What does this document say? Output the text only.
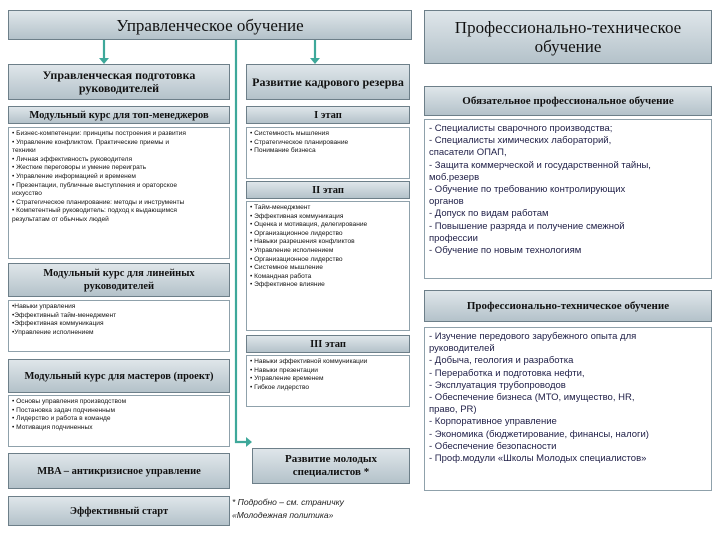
Управленческое обучение
Управленческая подготовка руководителей
Модульный курс для топ-менеджеров
• Бизнес-компетенции: принципы построения и развития
• Управление конфликтом. Практические приемы и
техники
• Личная эффективность руководителя
• Жесткие переговоры и умение переиграть
• Управление информацией и временем
• Презентации, публичные выступления и ораторское
искусство
• Стратегическое планирование: методы и инструменты
• Компетентный руководитель: подход к выдающимся
результатам от обычных людей
Модульный курс для линейных руководителей
•Навыки управления
•Эффективный тайм-менеджмент
•Эффективная коммуникация
•Управление исполнением
Модульный курс для мастеров (проект)
• Основы управления производством
• Постановка задач подчиненным
• Лидерство и работа в команде
• Мотивация подчиненных
MBA – антикризисное управление
Эффективный старт
Развитие кадрового резерва
I этап
• Системность мышления
• Стратегическое планирование
• Понимание бизнеса
II этап
• Тайм-менеджмент
• Эффективная коммуникация
• Оценка и мотивация, делегирование
• Организационное лидерство
• Навыки разрешения конфликтов
• Управление исполнением
• Организационное лидерство
• Системное мышление
• Командная работа
• Эффективное влияние
III этап
• Навыки эффективной коммуникации
• Навыки презентации
• Управление временем
• Гибкое лидерство
Развитие молодых специалистов *
* Подробно – см. страничку
«Молодежная политика»
Профессионально-техническое обучение
Обязательное профессиональное обучение
- Специалисты сварочного производства;
- Специалисты химических лабораторий,
спасатели ОПАП,
- Защита коммерческой и государственной тайны,
моб.резерв
- Обучение по требованию контролирующих
органов
- Допуск по видам работам
- Повышение разряда и получение смежной
профессии
- Обучение по новым технологиям
Профессионально-техническое обучение
- Изучение передового зарубежного опыта для
руководителей
- Добыча, геология и разработка
- Переработка и подготовка нефти,
- Эксплуатация трубопроводов
- Обеспечение бизнеса (МТО, имущество, HR,
право, PR)
- Корпоративное управление
- Экономика (бюджетирование, финансы, налоги)
- Обеспечение безопасности
- Проф.модули «Школы Молодых специалистов»
